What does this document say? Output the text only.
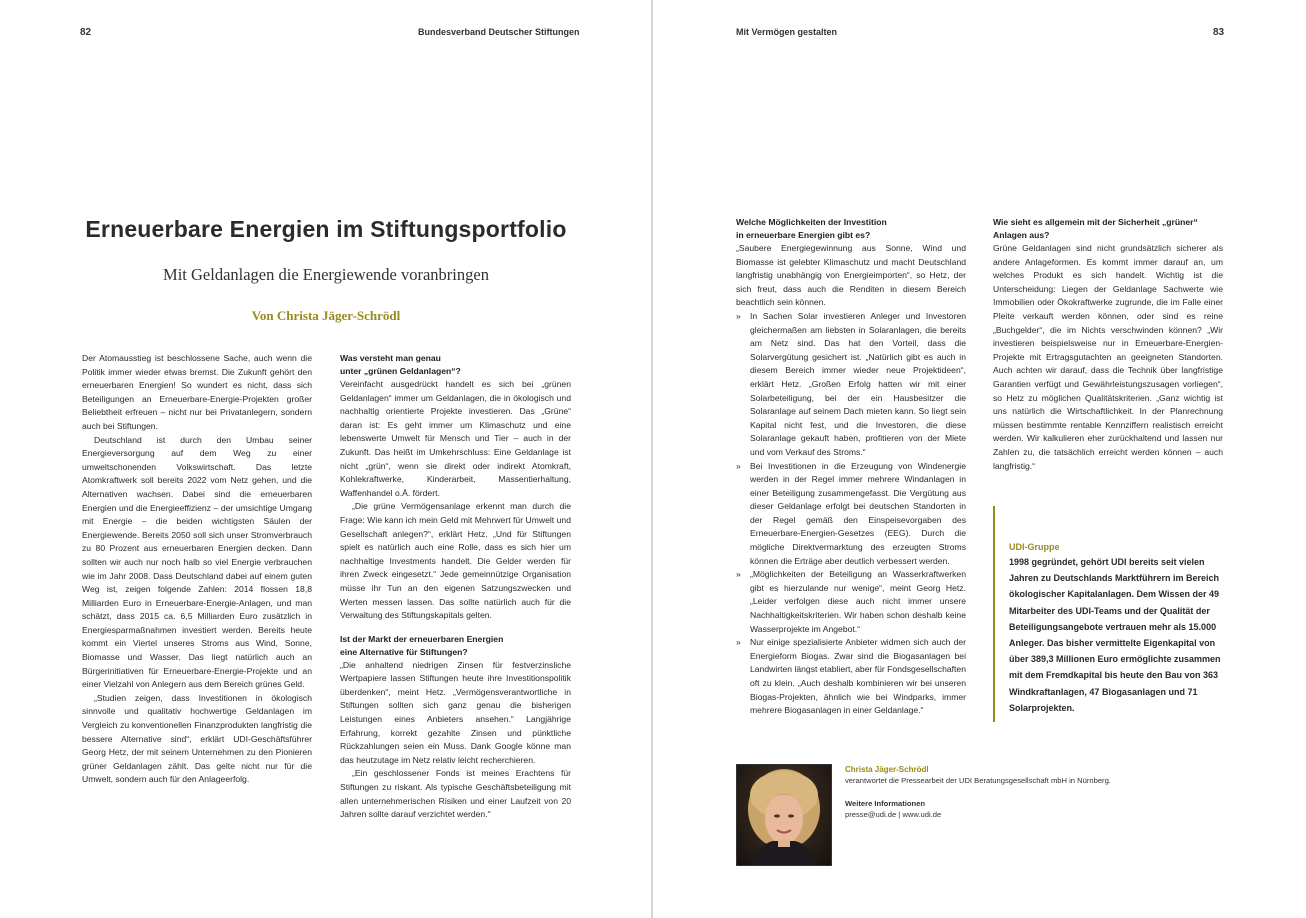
82	Bundesverband Deutscher Stiftungen
Erneuerbare Energien im Stiftungsportfolio
Mit Geldanlagen die Energiewende voranbringen
Von Christa Jäger-Schrödl

Der Atomausstieg ist beschlossene Sache, auch wenn die Politik immer wieder etwas bremst. Die Zukunft gehört den erneuerbaren Energien! So wundert es nicht, dass sich Beteiligungen an Erneuerbare-Energie-Projekten großer Beliebtheit erfreuen – nicht nur bei Privatanlegern, sondern auch bei Stiftungen.

Deutschland ist durch den Umbau seiner Energieversorgung auf dem Weg zu einer umweltschonenden Volkswirtschaft. Das letzte Atomkraftwerk soll bereits 2022 vom Netz gehen, und die Alternativen wachsen. Dabei sind die erneuerbaren Energien und die Energieeffizienz – der umsichtige Umgang mit Energie – die beiden wichtigsten Säulen der Energiewende. Bereits 2050 soll sich unser Stromverbrauch zu 80 Prozent aus erneuerbaren Energien decken. Dann sollten wir auch nur noch halb so viel Energie verbrauchen wie im Jahr 2008. Dass Deutschland dabei auf einem guten Weg ist, zeigen folgende Zahlen: 2014 flossen 18,8 Milliarden Euro in Erneuerbare-Energie-Anlagen, und man schätzt, dass 2015 ca. 6,5 Milliarden Euro zusätzlich in Energiesparmaßnahmen investiert werden. Bereits heute kommt ein Viertel unseres Stroms aus Wind, Sonne, Biomasse und Wasser. Das liegt natürlich auch an Bürgerinitiativen für Erneuerbare-Energie-Projekte und an einer Vielzahl von Anlegern aus dem Bereich grünes Geld.

„Studien zeigen, dass Investitionen in ökologisch sinnvolle und qualitativ hochwertige Geldanlagen im Vergleich zu konventionellen Finanzprodukten langfristig die bessere Alternative sind“, erklärt UDI-Geschäftsführer Georg Hetz, der mit seinem Unternehmen zu den Pionieren grüner Geldanlagen zählt. Das gelte nicht nur für die Umwelt, sondern auch für den Anlageerfolg.

Was versteht man genau
unter „grünen Geldanlagen“?

Vereinfacht ausgedrückt handelt es sich bei „grünen Geldanlagen“ immer um Geldanlagen, die in ökologisch und nachhaltig orientierte Projekte investieren. Das „Grüne“ daran ist: Es geht immer um Klimaschutz und eine lebenswerte Umwelt für Mensch und Tier – auch in der Zukunft. Das heißt im Umkehrschluss: Eine Geldanlage ist nicht „grün“, wenn sie direkt oder indirekt Atomkraft, Kohlekraftwerke, Kinderarbeit, Massentierhaltung, Waffenhandel o.Ä. fördert.

„Die grüne Vermögensanlage erkennt man durch die Frage: Wie kann ich mein Geld mit Mehrwert für Umwelt und Gesellschaft anlegen?“, erklärt Hetz. „Und für Stiftungen spielt es natürlich auch eine Rolle, dass es sich hier um nachhaltige Investments handelt. Die Gelder werden für ihren Zweck eingesetzt.“ Jede gemeinnützige Organisation müsse ihr Tun an den eigenen Satzungszwecken und Werten messen lassen. Das sollte natürlich auch für die Verwaltung des Stiftungskapitals gelten.

Ist der Markt der erneuerbaren Energien
eine Alternative für Stiftungen?

„Die anhaltend niedrigen Zinsen für festverzinsliche Wertpapiere lassen Stiftungen heute ihre Investitionspolitik überdenken“, meint Hetz. „Vermögensverantwortliche in Stiftungen sollten sich ganz genau die bisherigen Leistungen eines Anbieters ansehen.“ Langjährige Erfahrung, korrekt gezahlte Zinsen und pünktliche Rückzahlungen seien ein Muss. Dank Google könne man das heutzutage im Netz relativ leicht recherchieren.

„Ein geschlossener Fonds ist meines Erachtens für Stiftungen zu riskant. Als typische Geschäftsbeteiligung mit allen unternehmerischen Risiken und einer Laufzeit von 20 Jahren sollte darauf verzichtet werden.“

Mit Vermögen gestalten	83
Welche Möglichkeiten der Investition
in erneuerbare Energien gibt es?

„Saubere Energiegewinnung aus Sonne, Wind und Biomasse ist gelebter Klimaschutz und macht Deutschland langfristig unabhängig von Energieimporten“, so Hetz, der sich freut, dass auch die Renditen in diesem Bereich beachtlich sein können.

» In Sachen Solar investieren Anleger und Investoren gleichermaßen am liebsten in Solaranlagen, die bereits am Netz sind. Das hat den Vorteil, dass die Solarvergütung gesichert ist. „Natürlich gibt es auch in diesem Bereich immer wieder neue Projektideen“, erklärt Hetz. „Großen Erfolg hatten wir mit einer Solarbeteiligung, bei der ein Hausbesitzer die Solaranlage auf seinem Dach mieten kann. So liegt sein Kapital nicht fest, und die Investoren, die diese Solaranlage gekauft haben, profitieren von der Miete und vom Verkauf des Stroms.“
» Bei Investitionen in die Erzeugung von Windenergie werden in der Regel immer mehrere Windanlagen in einer Beteiligung zusammengefasst. Die Vergütung aus dieser Geldanlage erfolgt bei deutschen Standorten in der Regel gemäß den Einspeisevorgaben des Erneuerbare-Energien-Gesetzes (EEG). Durch die mögliche Direktvermarktung des erzeugten Stroms können die Erträge aber deutlich verbessert werden.
» „Möglichkeiten der Beteiligung an Wasserkraftwerken gibt es hierzulande nur wenige“, meint Georg Hetz. „Leider verfolgen diese auch nicht immer unsere Nachhaltigkeitskriterien. Wir haben schon deshalb keine Wasserprojekte im Angebot.“
» Nur einige spezialisierte Anbieter widmen sich auch der Energieform Biogas. Zwar sind die Biogasanlagen bei Landwirten längst etabliert, aber für Fondsgesellschaften oft zu klein. „Auch deshalb kombinieren wir bei unseren Biogas-Projekten, ähnlich wie bei Windparks, immer mehrere Biogasanlagen in einer Geldanlage.“
Wie sieht es allgemein mit der Sicherheit „grüner“
Anlagen aus?

Grüne Geldanlagen sind nicht grundsätzlich sicherer als andere Anlageformen. Es kommt immer darauf an, um welches Produkt es sich handelt. Wichtig ist die Unterscheidung: Liegen der Geldanlage Sachwerte wie Immobilien oder Ökokraftwerke zugrunde, die im Falle einer Pleite verkauft werden können, oder sind es reine „Buchgelder“, die im Nichts verschwinden können? „Wir investieren beispielsweise nur in Erneuerbare-Energien-Projekte mit Ertragsgutachten an geeigneten Standorten. Auch achten wir darauf, dass die Technik über langfristige Garantien verfügt und Gewährleistungszusagen vorliegen“, so Hetz zu möglichen Qualitätskriterien. „Ganz wichtig ist uns natürlich die Wirtschaftlichkeit. In der Planrechnung müssen bestimmte rentable Kennziffern realistisch erreicht werden. Wir kalkulieren eher zurückhaltend und lassen nur Zahlen zu, die tatsächlich erreicht werden können – auch langfristig.“

UDI-Gruppe
1998 gegründet, gehört UDI bereits seit vielen Jahren zu Deutschlands Marktführern im Bereich ökologischer Kapitalanlagen. Dem Wissen der 49 Mitarbeiter des UDI-Teams und der Qualität der Beteiligungsangebote vertrauen mehr als 15.000 Anleger. Das bisher vermittelte Eigenkapital von über 389,3 Millionen Euro ermöglichte zusammen mit dem Fremdkapital bis heute den Bau von 363 Windkraftanlagen, 47 Biogasanlagen und 71 Solarprojekten.
Christa Jäger-Schrödl
verantwortet die Pressearbeit der UDI Beratungsgesellschaft mbH in Nürnberg.
Weitere Informationen
presse@udi.de | www.udi.de
